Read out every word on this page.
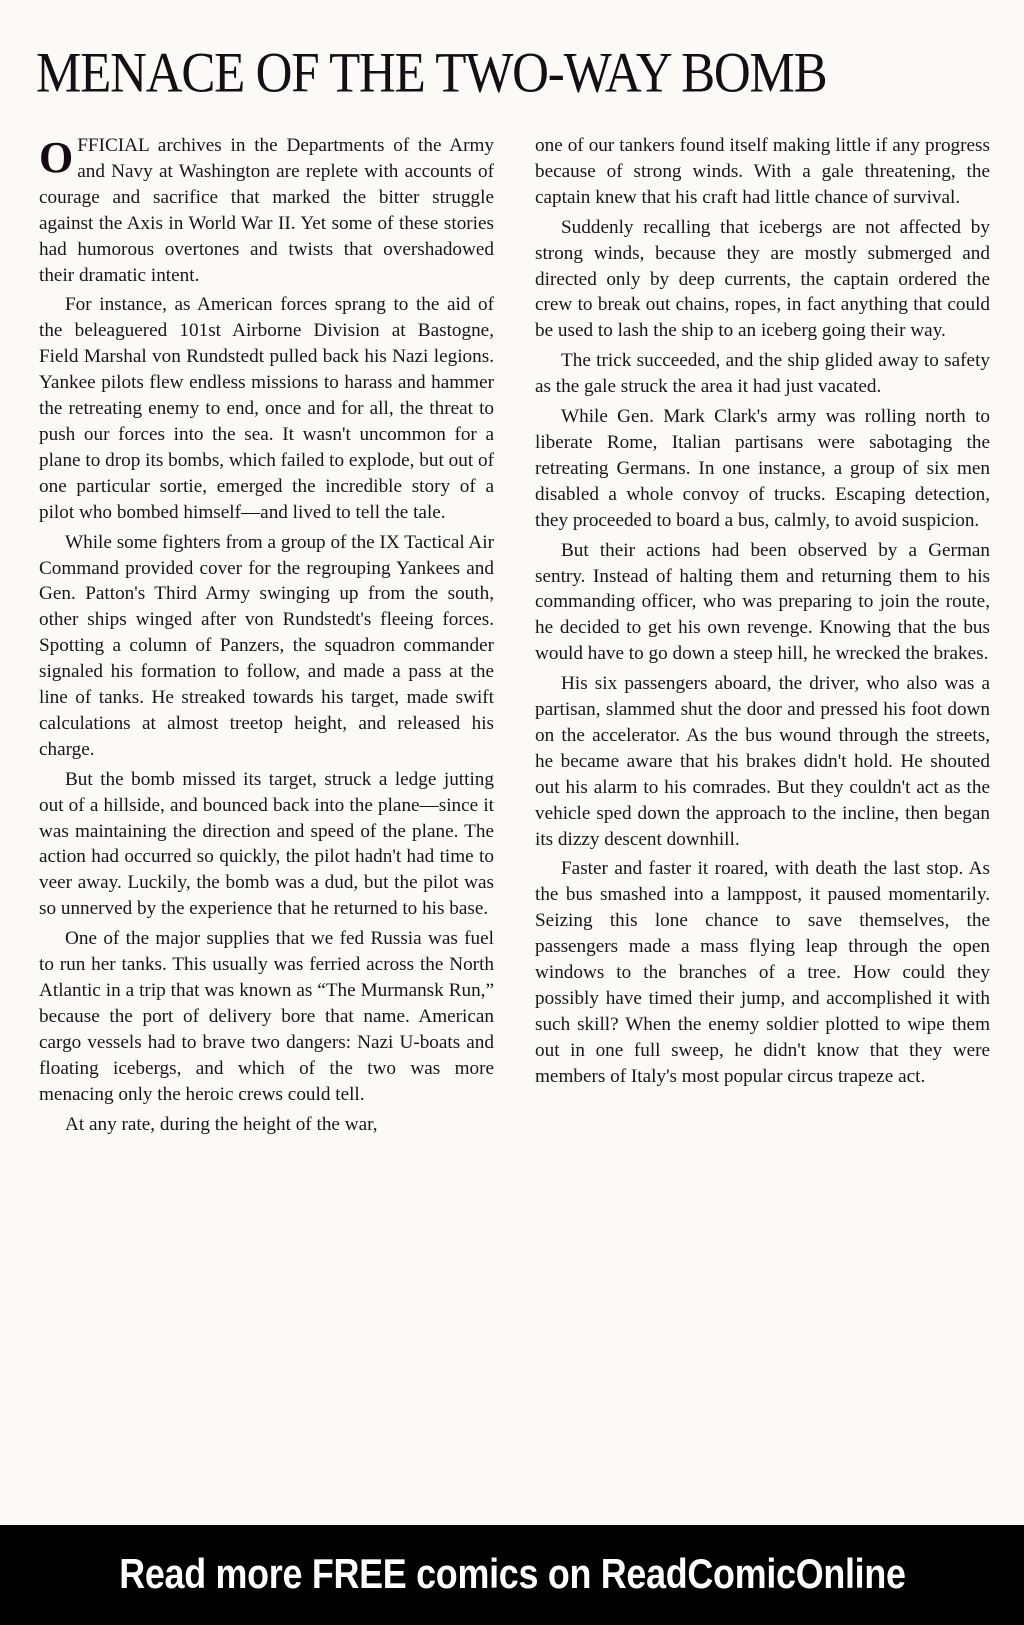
MENACE OF THE TWO-WAY BOMB

OFFICIAL archives in the Departments of the Army and Navy at Washington are replete with accounts of courage and sacrifice that marked the bitter struggle against the Axis in World War II. Yet some of these stories had humorous overtones and twists that overshadowed their dramatic intent.

For instance, as American forces sprang to the aid of the beleaguered 101st Airborne Division at Bastogne, Field Marshal von Rundstedt pulled back his Nazi legions. Yankee pilots flew endless missions to harass and hammer the retreating enemy to end, once and for all, the threat to push our forces into the sea. It wasn't uncommon for a plane to drop its bombs, which failed to explode, but out of one particular sortie, emerged the incredible story of a pilot who bombed himself—and lived to tell the tale.

While some fighters from a group of the IX Tactical Air Command provided cover for the regrouping Yankees and Gen. Patton's Third Army swinging up from the south, other ships winged after von Rundstedt's fleeing forces. Spotting a column of Panzers, the squadron commander signaled his formation to follow, and made a pass at the line of tanks. He streaked towards his target, made swift calculations at almost treetop height, and released his charge.

But the bomb missed its target, struck a ledge jutting out of a hillside, and bounced back into the plane—since it was maintaining the direction and speed of the plane. The action had occurred so quickly, the pilot hadn't had time to veer away. Luckily, the bomb was a dud, but the pilot was so unnerved by the experience that he returned to his base.

One of the major supplies that we fed Russia was fuel to run her tanks. This usually was ferried across the North Atlantic in a trip that was known as “The Murmansk Run,” because the port of delivery bore that name. American cargo vessels had to brave two dangers: Nazi U-boats and floating icebergs, and which of the two was more menacing only the heroic crews could tell.

At any rate, during the height of the war,

one of our tankers found itself making little if any progress because of strong winds. With a gale threatening, the captain knew that his craft had little chance of survival.

Suddenly recalling that icebergs are not affected by strong winds, because they are mostly submerged and directed only by deep currents, the captain ordered the crew to break out chains, ropes, in fact anything that could be used to lash the ship to an iceberg going their way.

The trick succeeded, and the ship glided away to safety as the gale struck the area it had just vacated.

While Gen. Mark Clark's army was rolling north to liberate Rome, Italian partisans were sabotaging the retreating Germans. In one instance, a group of six men disabled a whole convoy of trucks. Escaping detection, they proceeded to board a bus, calmly, to avoid suspicion.

But their actions had been observed by a German sentry. Instead of halting them and returning them to his commanding officer, who was preparing to join the route, he decided to get his own revenge. Knowing that the bus would have to go down a steep hill, he wrecked the brakes.

His six passengers aboard, the driver, who also was a partisan, slammed shut the door and pressed his foot down on the accelerator. As the bus wound through the streets, he became aware that his brakes didn't hold. He shouted out his alarm to his comrades. But they couldn't act as the vehicle sped down the approach to the incline, then began its dizzy descent downhill.

Faster and faster it roared, with death the last stop. As the bus smashed into a lamppost, it paused momentarily. Seizing this lone chance to save themselves, the passengers made a mass flying leap through the open windows to the branches of a tree. How could they possibly have timed their jump, and accomplished it with such skill? When the enemy soldier plotted to wipe them out in one full sweep, he didn't know that they were members of Italy's most popular circus trapeze act.

Read more FREE comics on ReadComicOnline
